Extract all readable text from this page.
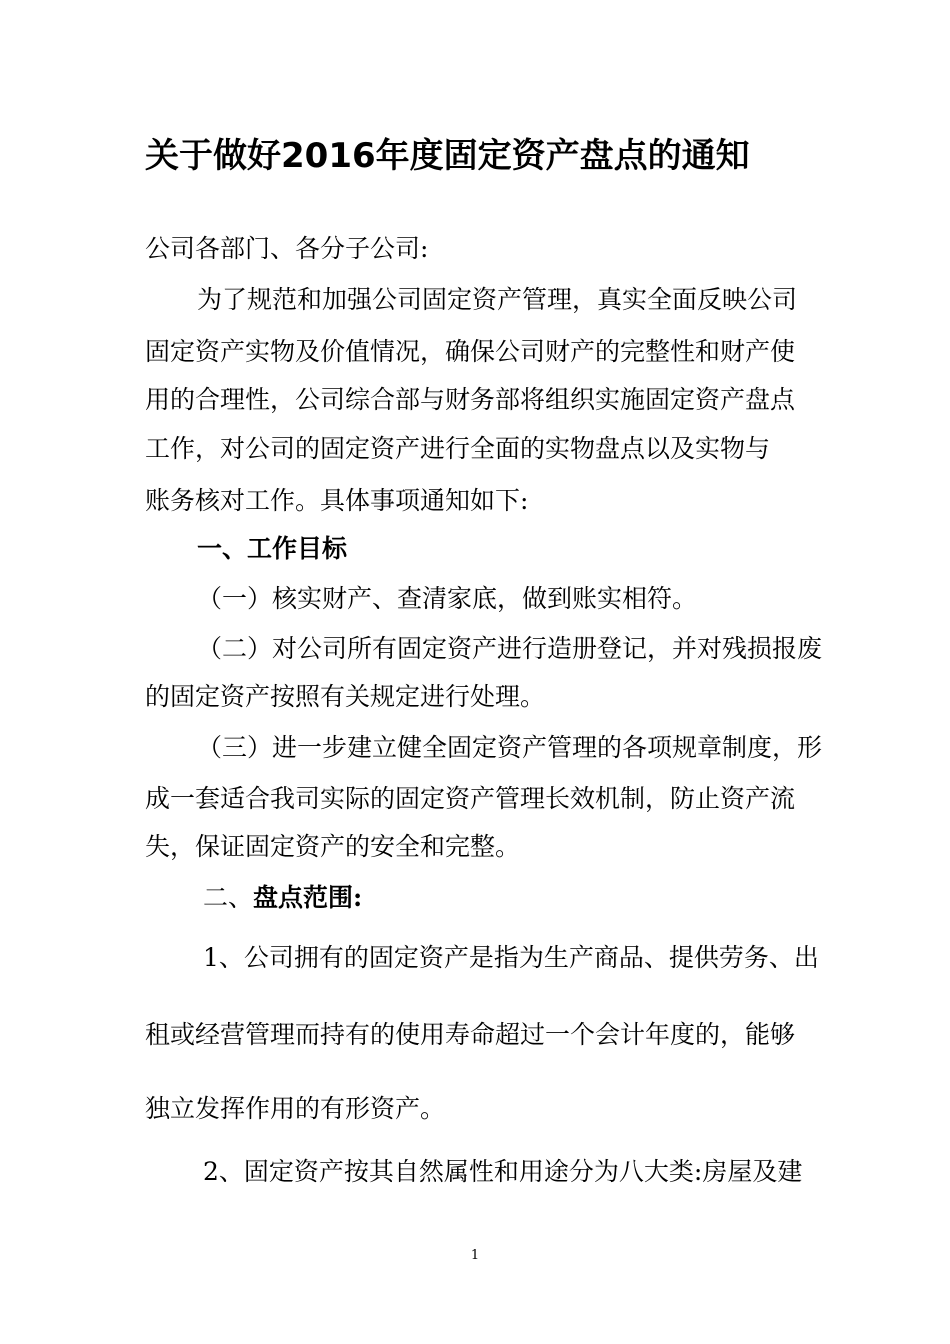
关于做好2016年度固定资产盘点的通知
公司各部门、各分子公司:
为了规范和加强公司固定资产管理，真实全面反映公司
固定资产实物及价值情况，确保公司财产的完整性和财产使
用的合理性，公司综合部与财务部将组织实施固定资产盘点
工作，对公司的固定资产进行全面的实物盘点以及实物与
账务核对工作。具体事项通知如下:
一、工作目标
（一）核实财产、查清家底，做到账实相符。
（二）对公司所有固定资产进行造册登记，并对残损报废
的固定资产按照有关规定进行处理。
（三）进一步建立健全固定资产管理的各项规章制度，形
成一套适合我司实际的固定资产管理长效机制，防止资产流
失，保证固定资产的安全和完整。
二、盘点范围:
1、公司拥有的固定资产是指为生产商品、提供劳务、出
租或经营管理而持有的使用寿命超过一个会计年度的，能够
独立发挥作用的有形资产。
2、固定资产按其自然属性和用途分为八大类:房屋及建
1
